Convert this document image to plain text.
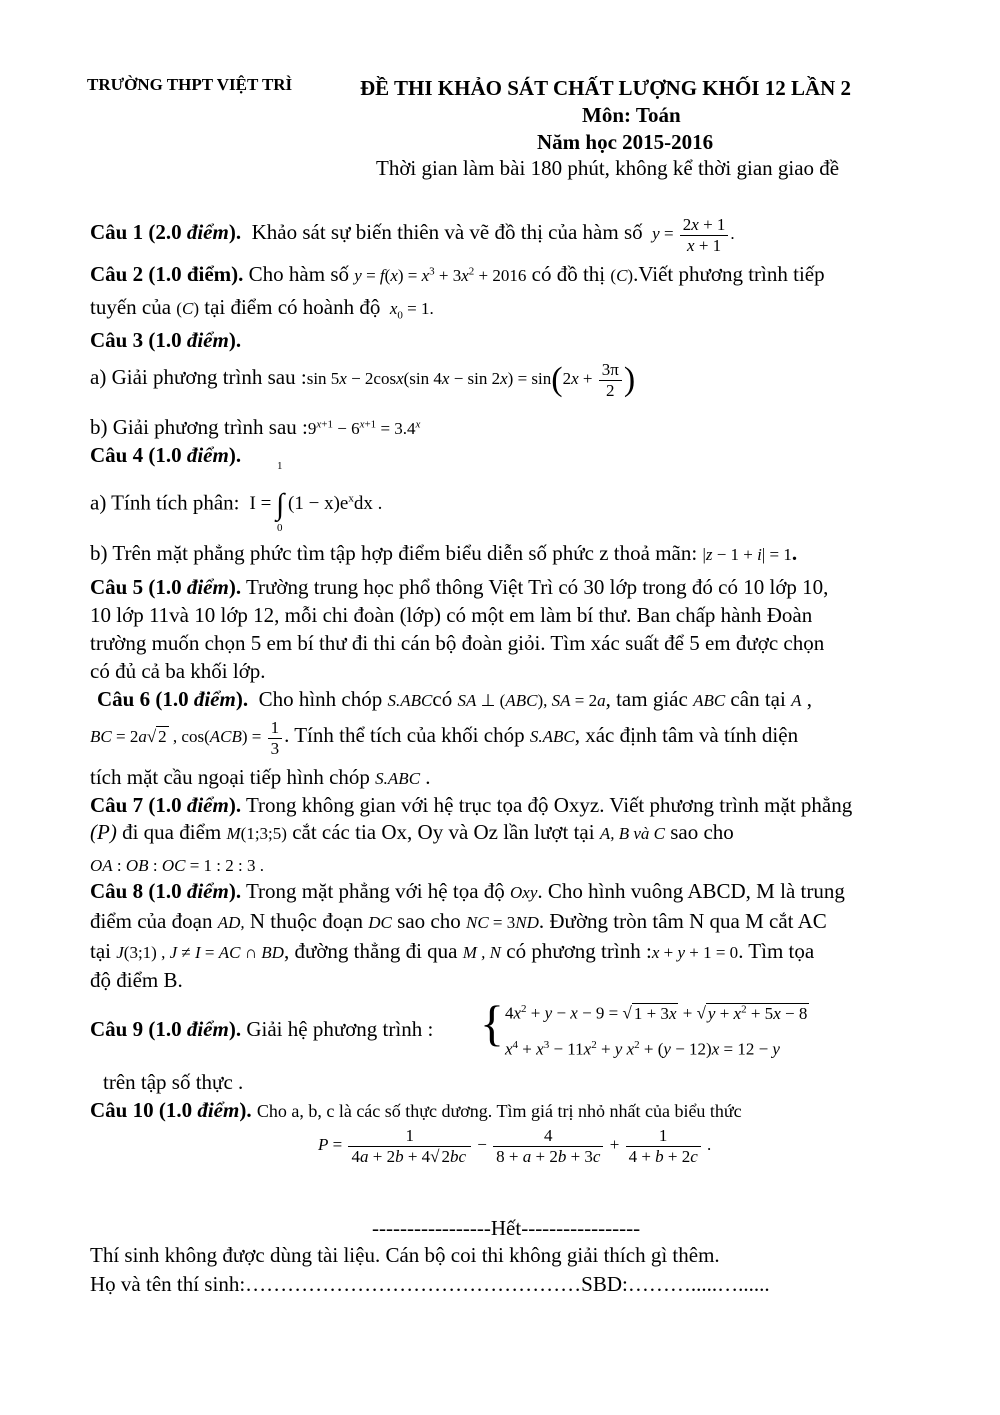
TRƯỜNG THPT VIỆT TRÌ	ĐỀ THI KHẢO SÁT CHẤT LƯỢNG KHỐI 12 LẦN 2
Môn: Toán
Năm học 2015-2016
Thời gian làm bài 180 phút, không kể thời gian giao đề
Câu 1 (2.0 điểm). Khảo sát sự biến thiên và vẽ đồ thị của hàm số $y = \frac{2x + 1}{x + 1}$ .
Câu 2 (1.0 điểm). Cho hàm số $y = f(x) = x^3 + 3x^2 + 2016$ có đồ thị (C).Viết phương trình tiếp
tuyến của (C) tại điểm có hoành độ $x_0 = 1$.
Câu 3 (1.0 điểm).
a) Giải phương trình sau :sin 5x − 2cosx(sin $4x - \sin 2x) = \sin(2x + \frac{3\pi}{2}$ )
b) Giải phương trình sau $:9^{x+1} - 6^{x+1} = 3.4^x$
Câu 4 (1.0 điểm).
a) Tính tích phân:  I =
1
∫
0
$(1 - x)e^xdx$ .
b) Trên mặt phẳng phức tìm tập hợp điểm biểu diễn số phức z thoả mãn: |z − 1 + i| = 1.
Câu 5 (1.0 điểm). Trường trung học phổ thông Việt Trì có 30 lớp trong đó có 10 lớp 10,
10 lớp 11và 10 lớp 12, mỗi chi đoàn (lớp) có một em làm bí thư. Ban chấp hành Đoàn
trường muốn chọn 5 em bí thư đi thi cán bộ đoàn giỏi. Tìm xác suất để 5 em được chọn
có đủ cả ba khối lớp.
Câu 6 (1.0 điểm). Cho hình chóp S.ABCcó SA ⊥ (ABC), SA = 2a, tam giác ABC cân tại A ,
BC = 2a√ 2 , $\cos(ACB) = \frac{1}{3}$ . Tính thể tích của khối chóp S.ABC, xác định tâm và tính diện
tích mặt cầu ngoại tiếp hình chóp S.ABC .
Câu 7 (1.0 điểm). Trong không gian với hệ trục tọa độ Oxyz. Viết phương trình mặt phẳng
(P) đi qua điểm M(1;3;5) cắt các tia Ox, Oy và Oz lần lượt tại A, B và C sao cho
OA : OB : OC = 1 : 2 : 3 .
Câu 8 (1.0 điểm). Trong mặt phẳng với hệ tọa độ Oxy. Cho hình vuông ABCD, M là trung
điểm của đoạn AD, N thuộc đoạn DC sao cho NC = 3ND. Đường tròn tâm N qua M cắt AC
tại J(3;1) , J ≠ I = AC ∩ BD, đường thẳng đi qua M , N có phương trình :x + y + 1 = 0. Tìm tọa
độ điểm B.
Câu 9 (1.0 điểm). Giải hệ phương trình : { $4x^2 + y - x - 9$ = √ 1 + 3x + √ $y + x^2 + 5x - 8$
$x^4 + x^3 - 11x^2 + y$ $x^2 + (y - 12)x = 12 - y$
trên tập số thực .
Câu 10 (1.0 điểm). Cho a, b, c là các số thực dương. Tìm giá trị nhỏ nhất của biểu thức
$P = \frac{1}{4a + 2b + 4√ 2bc} - \frac{4}{8 + a + 2b + 3c} + \frac{1}{4 + b + 2c}$ .
-----------------Hết-----------------
Thí sinh không được dùng tài liệu. Cán bộ coi thi không giải thích gì thêm.
Họ và tên thí sinh:…………………………………………SBD:……….....…......
